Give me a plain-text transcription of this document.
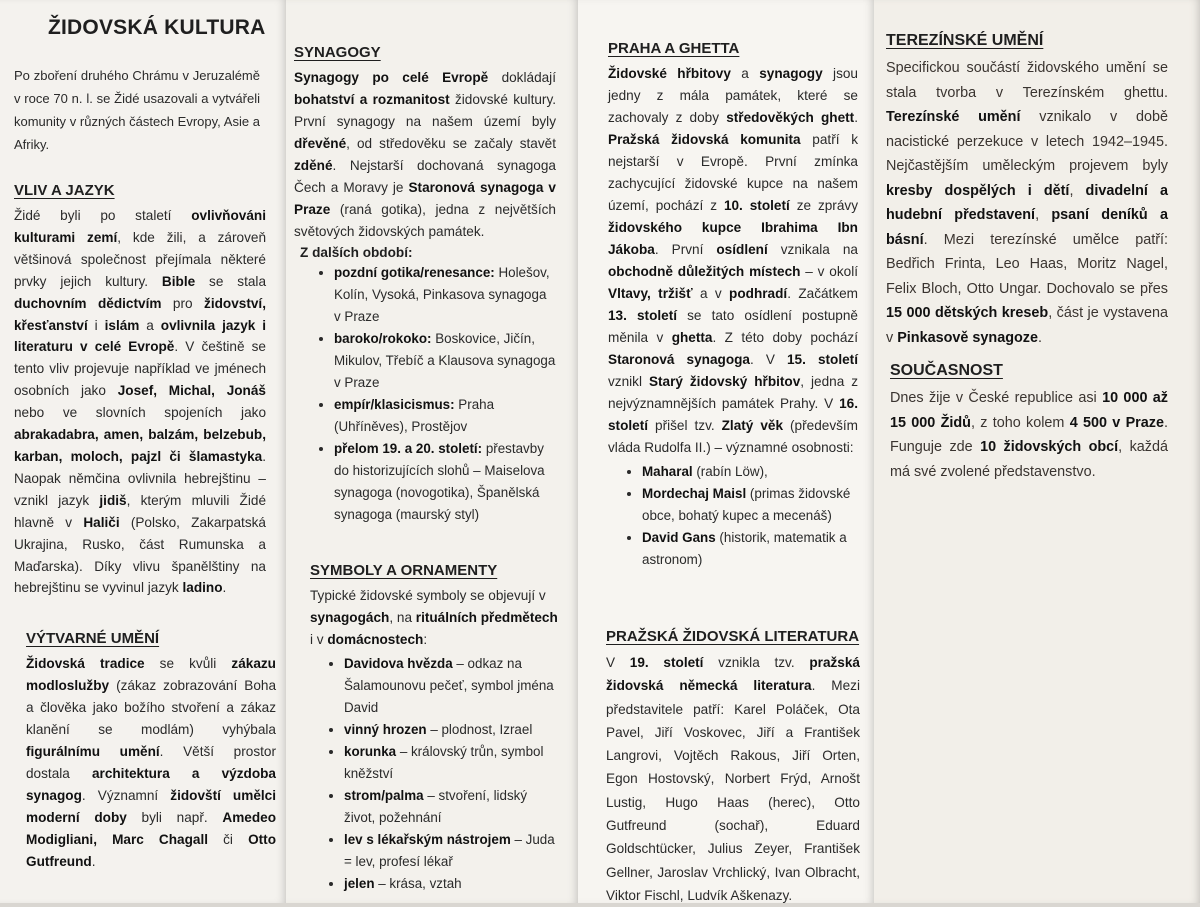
ŽIDOVSKÁ KULTURA

Po zboření druhého Chrámu v Jeruzalémě v roce 70 n. l. se Židé usazovali a vytvářeli komunity v různých částech Evropy, Asie a Afriky.

VLIV A JAZYK

Židé byli po staletí ovlivňováni kulturami zemí, kde žili, a zároveň většinová společnost přejímala některé prvky jejich kultury. Bible se stala duchovním dědictvím pro židovství, křesťanství i islám a ovlivnila jazyk i literaturu v celé Evropě. V češtině se tento vliv projevuje například ve jménech osobních jako Josef, Michal, Jonáš nebo ve slovních spojeních jako abrakadabra, amen, balzám, belzebub, karban, moloch, pajzl či šlamastyka. Naopak němčina ovlivnila hebrejštinu – vznikl jazyk jidiš, kterým mluvili Židé hlavně v Haliči (Polsko, Zakarpatská Ukrajina, Rusko, část Rumunska a Maďarska). Díky vlivu španělštiny na hebrejštinu se vyvinul jazyk ladino.

VÝTVARNÉ UMĚNÍ

Židovská tradice se kvůli zákazu modloslužby (zákaz zobrazování Boha a člověka jako božího stvoření a zákaz klanění se modlám) vyhýbala figurálnímu umění. Větší prostor dostala architektura a výzdoba synagog. Významní židovští umělci moderní doby byli např. Amedeo Modigliani, Marc Chagall či Otto Gutfreund.

SYNAGOGY

Synagogy po celé Evropě dokládají bohatství a rozmanitost židovské kultury. První synagogy na našem území byly dřevěné, od středověku se začaly stavět zděné. Nejstarší dochovaná synagoga Čech a Moravy je Staronová synagoga v Praze (raná gotika), jedna z největších světových židovských památek.

Z dalších období:
• pozdní gotika/renesance: Holešov, Kolín, Vysoká, Pinkasova synagoga v Praze
• baroko/rokoko: Boskovice, Jičín, Mikulov, Třebíč a Klausova synagoga v Praze
• empír/klasicismus: Praha (Uhříněves), Prostějov
• přelom 19. a 20. století: přestavby do historizujících slohů – Maiselova synagoga (novogotika), Španělská synagoga (maurský styl)
SYMBOLY A ORNAMENTY

Typické židovské symboly se objevují v synagogách, na rituálních předmětech i v domácnostech:

• Davidova hvězda – odkaz na Šalamounovu pečeť, symbol jména David
• vinný hrozen – plodnost, Izrael
• korunka – královský trůn, symbol kněžství
• strom/palma – stvoření, lidský život, požehnání
• lev s lékařským nástrojem – Juda = lev, profesí lékař
• jelen – krása, vztah
PRAHA A GHETTA

Židovské hřbitovy a synagogy jsou jedny z mála památek, které se zachovaly z doby středověkých ghett. Pražská židovská komunita patří k nejstarší v Evropě. První zmínka zachycující židovské kupce na našem území, pochází z 10. století ze zprávy židovského kupce Ibrahima Ibn Jákoba. První osídlení vznikala na obchodně důležitých místech – v okolí Vltavy, tržišť a v podhradí. Začátkem 13. století se tato osídlení postupně měnila v ghetta. Z této doby pochází Staronová synagoga. V 15. století vznikl Starý židovský hřbitov, jedna z nejvýznamnějších památek Prahy. V 16. století přišel tzv. Zlatý věk (především vláda Rudolfa II.) – významné osobnosti:

• Maharal (rabín Löw),
• Mordechaj Maisl (primas židovské obce, bohatý kupec a mecenáš)
• David Gans (historik, matematik a astronom)
PRAŽSKÁ ŽIDOVSKÁ LITERATURA

V 19. století vznikla tzv. pražská židovská německá literatura. Mezi představitele patří: Karel Poláček, Ota Pavel, Jiří Voskovec, Jiří a František Langrovi, Vojtěch Rakous, Jiří Orten, Egon Hostovský, Norbert Frýd, Arnošt Lustig, Hugo Haas (herec), Otto Gutfreund (sochař), Eduard Goldschtücker, Julius Zeyer, František Gellner, Jaroslav Vrchlický, Ivan Olbracht, Viktor Fischl, Ludvík Aškenazy.

TEREZÍNSKÉ UMĚNÍ

Specifickou součástí židovského umění se stala tvorba v Terezínském ghettu. Terezínské umění vznikalo v době nacistické perzekuce v letech 1942–1945. Nejčastějším uměleckým projevem byly kresby dospělých i dětí, divadelní a hudební představení, psaní deníků a básní. Mezi terezínské umělce patří: Bedřich Frinta, Leo Haas, Moritz Nagel, Felix Bloch, Otto Ungar. Dochovalo se přes 15 000 dětských kreseb, část je vystavena v Pinkasově synagoze.

SOUČASNOST

Dnes žije v České republice asi 10 000 až 15 000 Židů, z toho kolem 4 500 v Praze. Funguje zde 10 židovských obcí, každá má své zvolené představenstvo.
